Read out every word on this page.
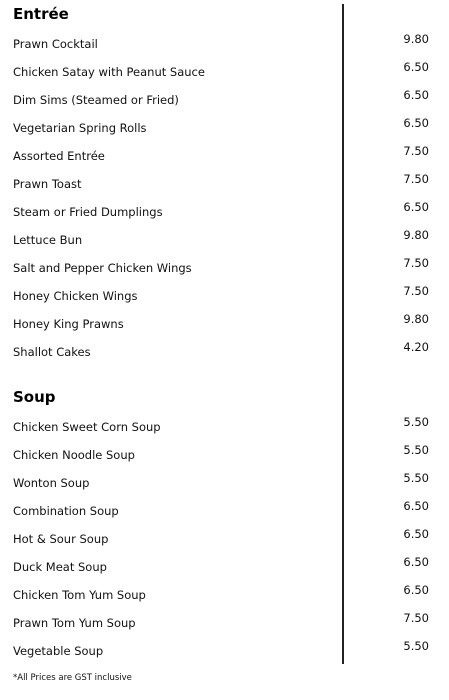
Entrée
Prawn Cocktail	9.80
Chicken Satay with Peanut Sauce	6.50
Dim Sims (Steamed or Fried)	6.50
Vegetarian Spring Rolls	6.50
Assorted Entrée	7.50
Prawn Toast	7.50
Steam or Fried Dumplings	6.50
Lettuce Bun	9.80
Salt and Pepper Chicken Wings	7.50
Honey Chicken Wings	7.50
Honey King Prawns	9.80
Shallot Cakes	4.20
Soup
Chicken Sweet Corn Soup	5.50
Chicken Noodle Soup	5.50
Wonton Soup	5.50
Combination Soup	6.50
Hot & Sour Soup	6.50
Duck Meat Soup	6.50
Chicken Tom Yum Soup	6.50
Prawn Tom Yum Soup	7.50
Vegetable Soup	5.50
*All Prices are GST inclusive
